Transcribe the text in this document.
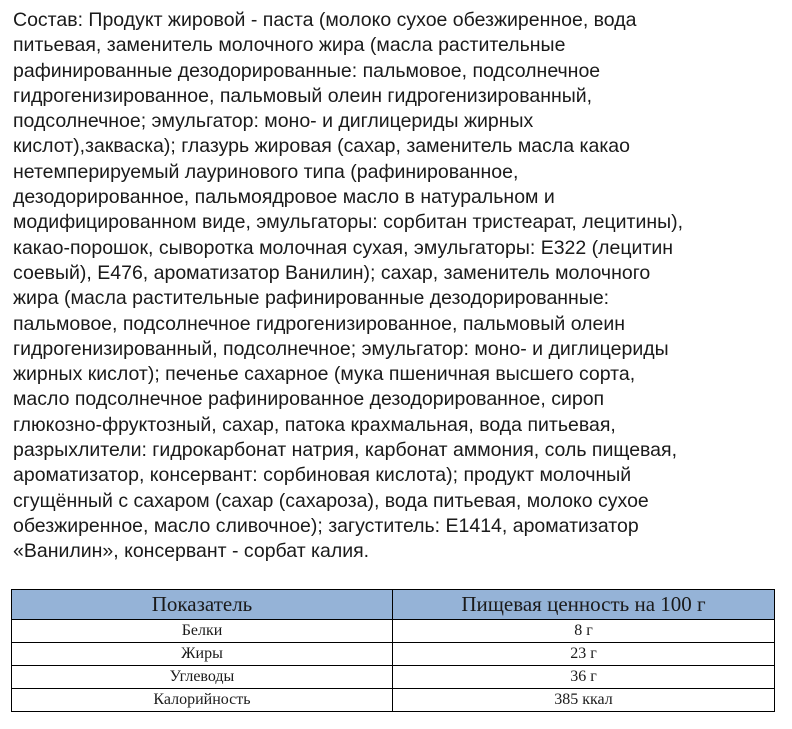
Состав: Продукт жировой - паста (молоко сухое обезжиренное, вода
питьевая, заменитель молочного жира (масла растительные
рафинированные дезодорированные: пальмовое, подсолнечное
гидрогенизированное, пальмовый олеин гидрогенизированный,
подсолнечное; эмульгатор: моно- и диглицериды жирных
кислот),закваска); глазурь жировая (сахар, заменитель масла какао
нетемперируемый лауринового типа (рафинированное,
дезодорированное, пальмоядровое масло в натуральном и
модифицированном виде, эмульгаторы: сорбитан тристеарат, лецитины),
какао-порошок, сыворотка молочная сухая, эмульгаторы: Е322 (лецитин
соевый), Е476, ароматизатор Ванилин); сахар, заменитель молочного
жира (масла растительные рафинированные дезодорированные:
пальмовое, подсолнечное гидрогенизированное, пальмовый олеин
гидрогенизированный, подсолнечное; эмульгатор: моно- и диглицериды
жирных кислот); печенье сахарное (мука пшеничная высшего сорта,
масло подсолнечное рафинированное дезодорированное, сироп
глюкозно-фруктозный, сахар, патока крахмальная, вода питьевая,
разрыхлители: гидрокарбонат натрия, карбонат аммония, соль пищевая,
ароматизатор, консервант: сорбиновая кислота); продукт молочный
сгущённый с сахаром (сахар (сахароза), вода питьевая, молоко сухое
обезжиренное, масло сливочное); загуститель: Е1414, ароматизатор
«Ванилин», консервант - сорбат калия.

Показатель	Пищевая ценность на 100 г
Белки	8 г
Жиры	23 г
Углеводы	36 г
Калорийность	385 ккал
